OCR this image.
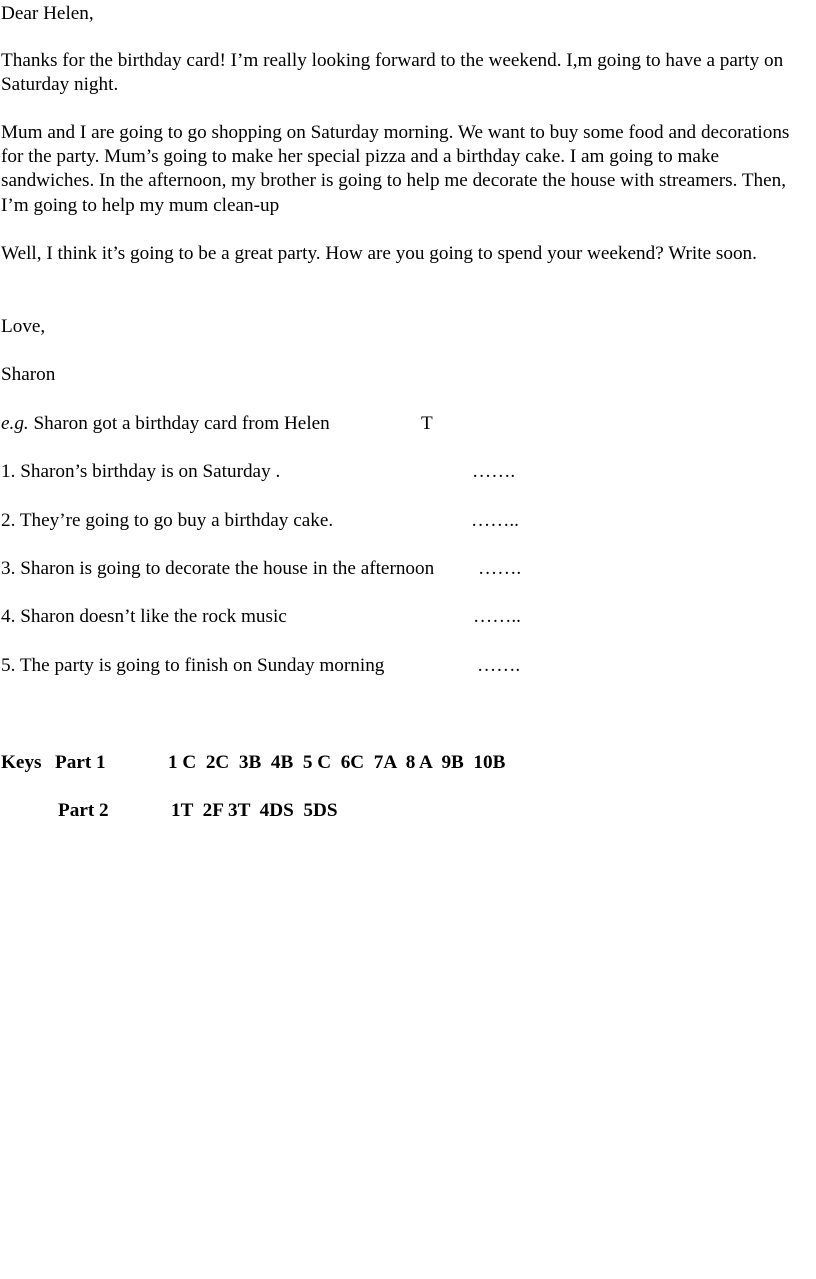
Dear Helen,
Thanks for the birthday card! I’m really looking forward to the weekend. I,m going to have a party on Saturday night.
Mum and I are going to go shopping on Saturday morning. We want to buy some food and decorations for the party. Mum’s going to make her special pizza and a birthday cake. I am going to make sandwiches. In the afternoon, my brother is going to help me decorate the house with streamers. Then, I’m going to help my mum clean-up
Well, I think it’s going to be a great party. How are you going to spend your weekend? Write soon.
Love,
Sharon
e.g. Sharon got a birthday card from Helen	T
1. Sharon’s birthday is on Saturday .	…….
2. They’re going to go buy a birthday cake.	……..
3. Sharon is going to decorate the house in the afternoon …….
4. Sharon doesn’t like the rock music	……..
5. The party is going to finish on Sunday morning	…….
Keys Part 1	1 C  2C  3B  4B  5 C  6C  7A  8 A  9B  10B
Part 2	1T  2F 3T  4DS  5DS
